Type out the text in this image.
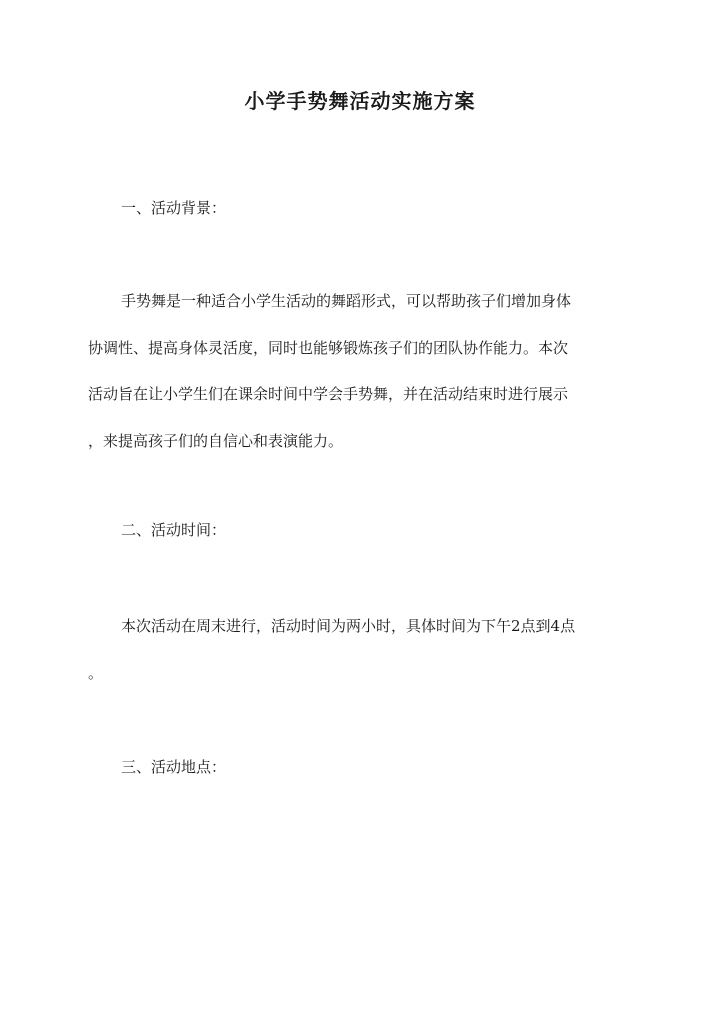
小学手势舞活动实施方案
一、活动背景：

手势舞是一种适合小学生活动的舞蹈形式，可以帮助孩子们增加身体
协调性、提高身体灵活度，同时也能够锻炼孩子们的团队协作能力。本次
活动旨在让小学生们在课余时间中学会手势舞，并在活动结束时进行展示
，来提高孩子们的自信心和表演能力。

二、活动时间：

本次活动在周末进行，活动时间为两小时，具体时间为下午2点到4点
。

三、活动地点：
